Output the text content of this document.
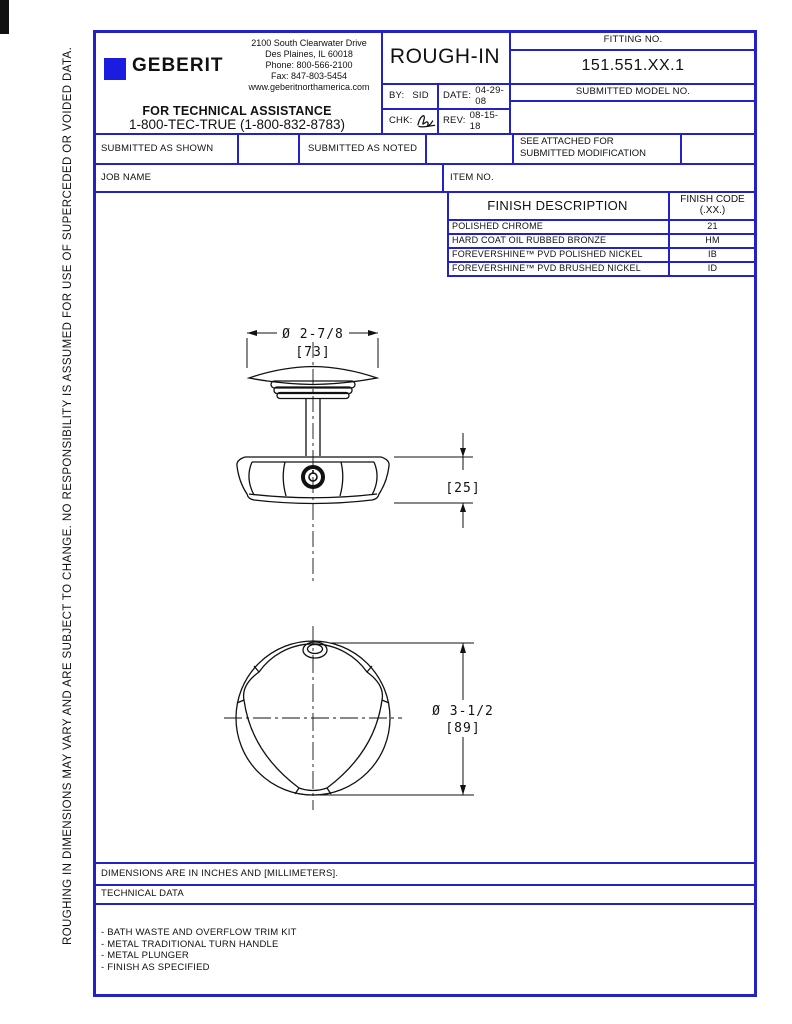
ROUGHING IN DIMENSIONS MAY VARY AND ARE SUBJECT TO CHANGE. NO RESPONSIBILITY IS ASSUMED FOR USE OF SUPERCEDED OR VOIDED DATA.	GEBERIT
2100 South Clearwater Drive
Des Plaines, IL 60018
Phone: 800-566-2100
Fax: 847-803-5454
www.geberitnorthamerica.com
FOR TECHNICAL ASSISTANCE
1-800-TEC-TRUE (1-800-832-8783)
ROUGH-IN
BY: SID DATE: 04-29-08
CHK:	REV: 08-15-18
FITTING NO.
151.551.XX.1
SUBMITTED MODEL NO.
SUBMITTED AS SHOWN	SUBMITTED AS NOTED
SEE ATTACHED FOR
SUBMITTED MODIFICATION
JOB NAME	ITEM NO.
FINISH DESCRIPTION	FINISH CODE
(.XX.)
POLISHED CHROME	21
HARD COAT OIL RUBBED BRONZE	HM
FOREVERSHINE™ PVD POLISHED NICKEL	IB
FOREVERSHINE™ PVD BRUSHED NICKEL	ID
Ø 2-7/8
[73]
[25]
Ø 3-1/2
[89]
DIMENSIONS ARE IN INCHES AND [MILLIMETERS].
TECHNICAL DATA
- BATH WASTE AND OVERFLOW TRIM KIT
- METAL TRADITIONAL TURN HANDLE
- METAL PLUNGER
- FINISH AS SPECIFIED
